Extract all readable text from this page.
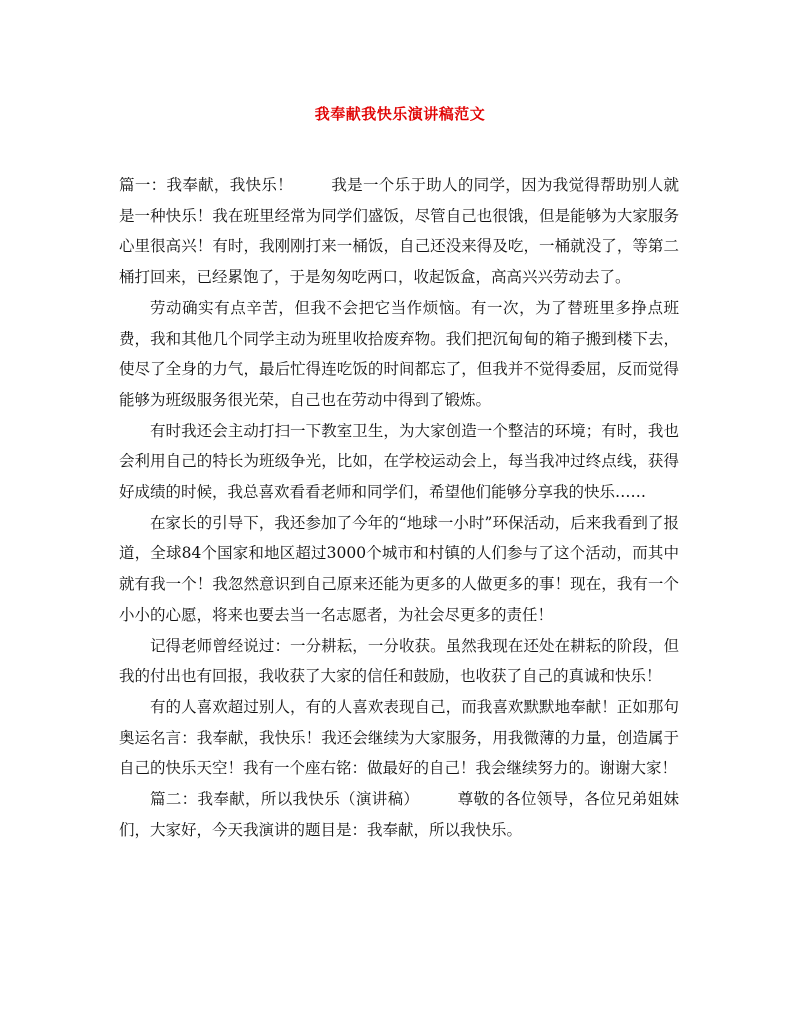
我奉献我快乐演讲稿范文

篇一：我奉献，我快乐！ 我是一个乐于助人的同学，因为我觉得帮助别人就是一种快乐！我在班里经常为同学们盛饭，尽管自己也很饿，但是能够为大家服务心里很高兴！有时，我刚刚打来一桶饭，自己还没来得及吃，一桶就没了，等第二桶打回来，已经累饱了，于是匆匆吃两口，收起饭盒，高高兴兴劳动去了。

劳动确实有点辛苦，但我不会把它当作烦恼。有一次，为了替班里多挣点班费，我和其他几个同学主动为班里收拾废弃物。我们把沉甸甸的箱子搬到楼下去，使尽了全身的力气，最后忙得连吃饭的时间都忘了，但我并不觉得委屈，反而觉得能够为班级服务很光荣，自己也在劳动中得到了锻炼。

有时我还会主动打扫一下教室卫生，为大家创造一个整洁的环境；有时，我也会利用自己的特长为班级争光，比如，在学校运动会上，每当我冲过终点线，获得好成绩的时候，我总喜欢看看老师和同学们，希望他们能够分享我的快乐……

在家长的引导下，我还参加了今年的“地球一小时”环保活动，后来我看到了报道，全球84个国家和地区超过3000个城市和村镇的人们参与了这个活动，而其中就有我一个！我忽然意识到自己原来还能为更多的人做更多的事！现在，我有一个小小的心愿，将来也要去当一名志愿者，为社会尽更多的责任！

记得老师曾经说过：一分耕耘，一分收获。虽然我现在还处在耕耘的阶段，但我的付出也有回报，我收获了大家的信任和鼓励，也收获了自己的真诚和快乐！

有的人喜欢超过别人，有的人喜欢表现自己，而我喜欢默默地奉献！正如那句奥运名言：我奉献，我快乐！我还会继续为大家服务，用我微薄的力量，创造属于自己的快乐天空！我有一个座右铭：做最好的自己！我会继续努力的。谢谢大家！

篇二：我奉献，所以我快乐（演讲稿） 尊敬的各位领导，各位兄弟姐妹们，大家好，今天我演讲的题目是：我奉献，所以我快乐。
